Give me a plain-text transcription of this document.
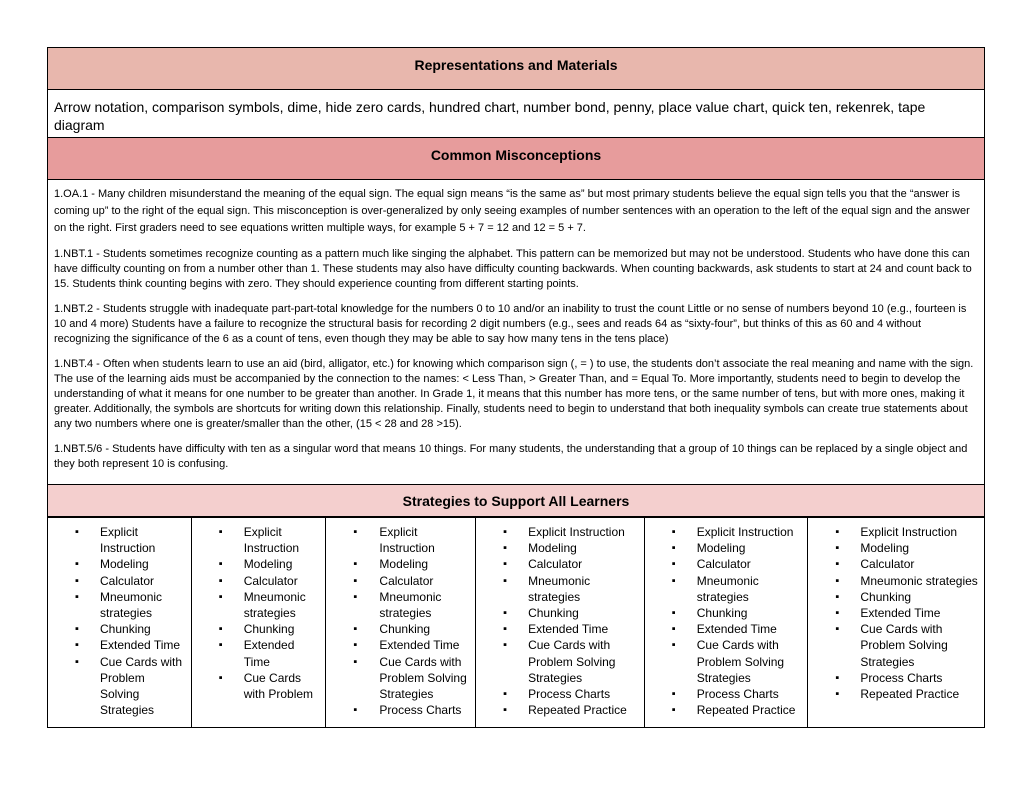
Representations and Materials
Arrow notation, comparison symbols, dime, hide zero cards, hundred chart, number bond, penny, place value chart, quick ten, rekenrek, tape diagram
Common Misconceptions

1.OA.1 - Many children misunderstand the meaning of the equal sign. The equal sign means “is the same as” but most primary students believe the equal sign tells you that the “answer is coming up” to the right of the equal sign. This misconception is over-generalized by only seeing examples of number sentences with an operation to the left of the equal sign and the answer on the right. First graders need to see equations written multiple ways, for example 5 + 7 = 12 and 12 = 5 + 7.

1.NBT.1 - Students sometimes recognize counting as a pattern much like singing the alphabet. This pattern can be memorized but may not be understood. Students who have done this can have difficulty counting on from a number other than 1. These students may also have difficulty counting backwards. When counting backwards, ask students to start at 24 and count back to 15. Students think counting begins with zero. They should experience counting from different starting points.

1.NBT.2 - Students struggle with inadequate part-part-total knowledge for the numbers 0 to 10 and/or an inability to trust the count Little or no sense of numbers beyond 10 (e.g., fourteen is 10 and 4 more) Students have a failure to recognize the structural basis for recording 2 digit numbers (e.g., sees and reads 64 as “sixty-four”, but thinks of this as 60 and 4 without recognizing the significance of the 6 as a count of tens, even though they may be able to say how many tens in the tens place)

1.NBT.4 - Often when students learn to use an aid (bird, alligator, etc.) for knowing which comparison sign (, = ) to use, the students don’t associate the real meaning and name with the sign. The use of the learning aids must be accompanied by the connection to the names: < Less Than, > Greater Than, and = Equal To. More importantly, students need to begin to develop the understanding of what it means for one number to be greater than another. In Grade 1, it means that this number has more tens, or the same number of tens, but with more ones, making it greater. Additionally, the symbols are shortcuts for writing down this relationship. Finally, students need to begin to understand that both inequality symbols can create true statements about any two numbers where one is greater/smaller than the other, (15 < 28 and 28 >15).

1.NBT.5/6 - Students have difficulty with ten as a singular word that means 10 things. For many students, the understanding that a group of 10 things can be replaced by a single object and they both represent 10 is confusing.

Strategies to Support All Learners
▪ Explicit Instruction
▪ Modeling
▪ Calculator
▪ Mneumonic strategies
▪ Chunking
▪ Extended Time
▪ Cue Cards with Problem Solving Strategies
▪ Explicit Instruction
▪ Modeling
▪ Calculator
▪ Mneumonic strategies
▪ Chunking
▪ Extended Time
▪ Cue Cards with Problem
▪ Explicit Instruction
▪ Modeling
▪ Calculator
▪ Mneumonic strategies
▪ Chunking
▪ Extended Time
▪ Cue Cards with Problem Solving Strategies
▪ Process Charts
▪ Explicit Instruction
▪ Modeling
▪ Calculator
▪ Mneumonic strategies
▪ Chunking
▪ Extended Time
▪ Cue Cards with Problem Solving Strategies
▪ Process Charts
▪ Repeated Practice
▪ Explicit Instruction
▪ Modeling
▪ Calculator
▪ Mneumonic strategies
▪ Chunking
▪ Extended Time
▪ Cue Cards with Problem Solving Strategies
▪ Process Charts
▪ Repeated Practice
▪ Explicit Instruction
▪ Modeling
▪ Calculator
▪ Mneumonic strategies
▪ Chunking
▪ Extended Time
▪ Cue Cards with Problem Solving Strategies
▪ Process Charts
▪ Repeated Practice
